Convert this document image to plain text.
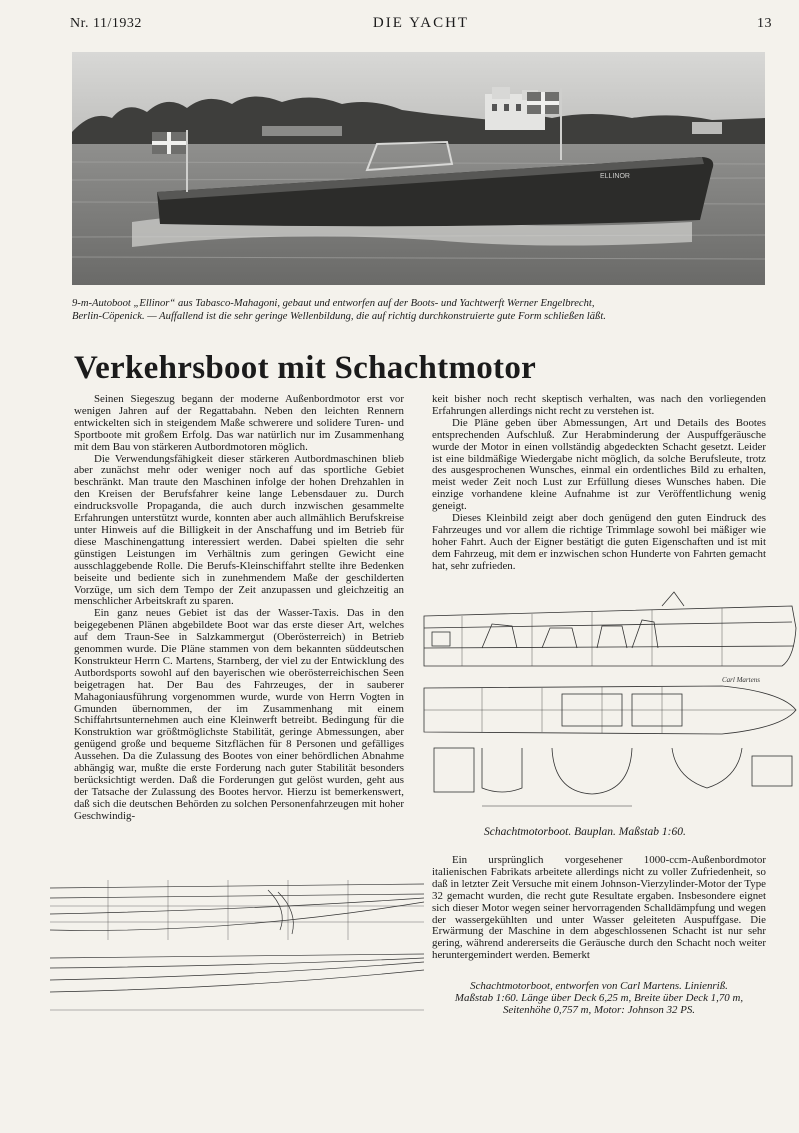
Nr. 11/1932	DIE YACHT	13
ELLINOR
9-m-Autoboot „Ellinor“ aus Tabasco-Mahagoni, gebaut und entworfen auf der Boots- und Yachtwerft Werner Engelbrecht,
Berlin-Cöpenick. — Auffallend ist die sehr geringe Wellenbildung, die auf richtig durchkonstruierte gute Form schließen läßt.
Verkehrsboot mit Schachtmotor

Seinen Siegeszug begann der moderne Außenbordmotor erst vor wenigen Jahren auf der Regattabahn. Neben den leichten Rennern entwickelten sich in steigendem Maße schwerere und solidere Turen- und Sportboote mit großem Erfolg. Das war natürlich nur im Zusammenhang mit dem Bau von stärkeren Autbordmotoren möglich.

Die Verwendungsfähigkeit dieser stärkeren Autbordmaschinen blieb aber zunächst mehr oder weniger noch auf das sportliche Gebiet beschränkt. Man traute den Maschinen infolge der hohen Drehzahlen in den Kreisen der Berufsfahrer keine lange Lebensdauer zu. Durch eindrucksvolle Propaganda, die auch durch inzwischen gesammelte Erfahrungen unterstützt wurde, konnten aber auch allmählich Berufskreise unter Hinweis auf die Billigkeit in der Anschaffung und im Betrieb für diese Maschinengattung interessiert werden. Dabei spielten die sehr günstigen Leistungen im Verhältnis zum geringen Gewicht eine ausschlaggebende Rolle. Die Berufs-Kleinschiffahrt stellte ihre Bedenken beiseite und bediente sich in zunehmendem Maße der geschilderten Vorzüge, um sich dem Tempo der Zeit anzupassen und gleichzeitig an menschlicher Arbeitskraft zu sparen.

Ein ganz neues Gebiet ist das der Wasser-Taxis. Das in den beigegebenen Plänen abgebildete Boot war das erste dieser Art, welches auf dem Traun-See in Salzkammergut (Oberösterreich) in Betrieb genommen wurde. Die Pläne stammen von dem bekannten süddeutschen Konstrukteur Herrn C. Martens, Starnberg, der viel zu der Entwicklung des Autbordsports sowohl auf den bayerischen wie oberösterreichischen Seen beigetragen hat. Der Bau des Fahrzeuges, der in sauberer Mahagoniausführung vorgenommen wurde, wurde von Herrn Vogten in Gmunden übernommen, der im Zusammenhang mit einem Schiffahrtsunternehmen auch eine Kleinwerft betreibt. Bedingung für die Konstruktion war größtmöglichste Stabilität, geringe Abmessungen, aber genügend große und bequeme Sitzflächen für 8 Personen und gefälliges Aussehen. Da die Zulassung des Bootes von einer behördlichen Abnahme abhängig war, mußte die erste Forderung nach guter Stabilität besonders berücksichtigt werden. Daß die Forderungen gut gelöst wurden, geht aus der Tatsache der Zulassung des Bootes hervor. Hierzu ist bemerkenswert, daß sich die deutschen Behörden zu solchen Personenfahrzeugen mit hoher Geschwindig-

keit bisher noch recht skeptisch verhalten, was nach den vorliegenden Erfahrungen allerdings nicht recht zu verstehen ist.

Die Pläne geben über Abmessungen, Art und Details des Bootes entsprechenden Aufschluß. Zur Herabminderung der Auspuffgeräusche wurde der Motor in einen vollständig abgedeckten Schacht gesetzt. Leider ist eine bildmäßige Wiedergabe nicht möglich, da solche Berufsleute, trotz des ausgesprochenen Wunsches, einmal ein ordentliches Bild zu erhalten, meist weder Zeit noch Lust zur Erfüllung dieses Wunsches haben. Die einzige vorhandene kleine Aufnahme ist zur Veröffentlichung wenig geneigt.

Dieses Kleinbild zeigt aber doch genügend den guten Eindruck des Fahrzeuges und vor allem die richtige Trimmlage sowohl bei mäßiger wie hoher Fahrt. Auch der Eigner bestätigt die guten Eigenschaften und ist mit dem Fahrzeug, mit dem er inzwischen schon Hunderte von Fahrten gemacht hat, sehr zufrieden.

Carl Martens
Schachtmotorboot. Bauplan. Maßstab 1:60.

Ein ursprünglich vorgesehener 1000-ccm-Außenbordmotor italienischen Fabrikats arbeitete allerdings nicht zu voller Zufriedenheit, so daß in letzter Zeit Versuche mit einem Johnson-Vierzylinder-Motor der Type 32 gemacht wurden, die recht gute Resultate ergaben. Insbesondere eignet sich dieser Motor wegen seiner hervorragenden Schalldämpfung und wegen der wassergekühlten und unter Wasser geleiteten Auspuffgase. Die Erwärmung der Maschine in dem abgeschlossenen Schacht ist nur sehr gering, während andererseits die Geräusche durch den Schacht noch weiter heruntergemindert werden. Bemerkt

Schachtmotorboot, entworfen von Carl Martens. Linienriß.
Maßstab 1:60. Länge über Deck 6,25 m, Breite über Deck 1,70 m,
Seitenhöhe 0,757 m, Motor: Johnson 32 PS.
